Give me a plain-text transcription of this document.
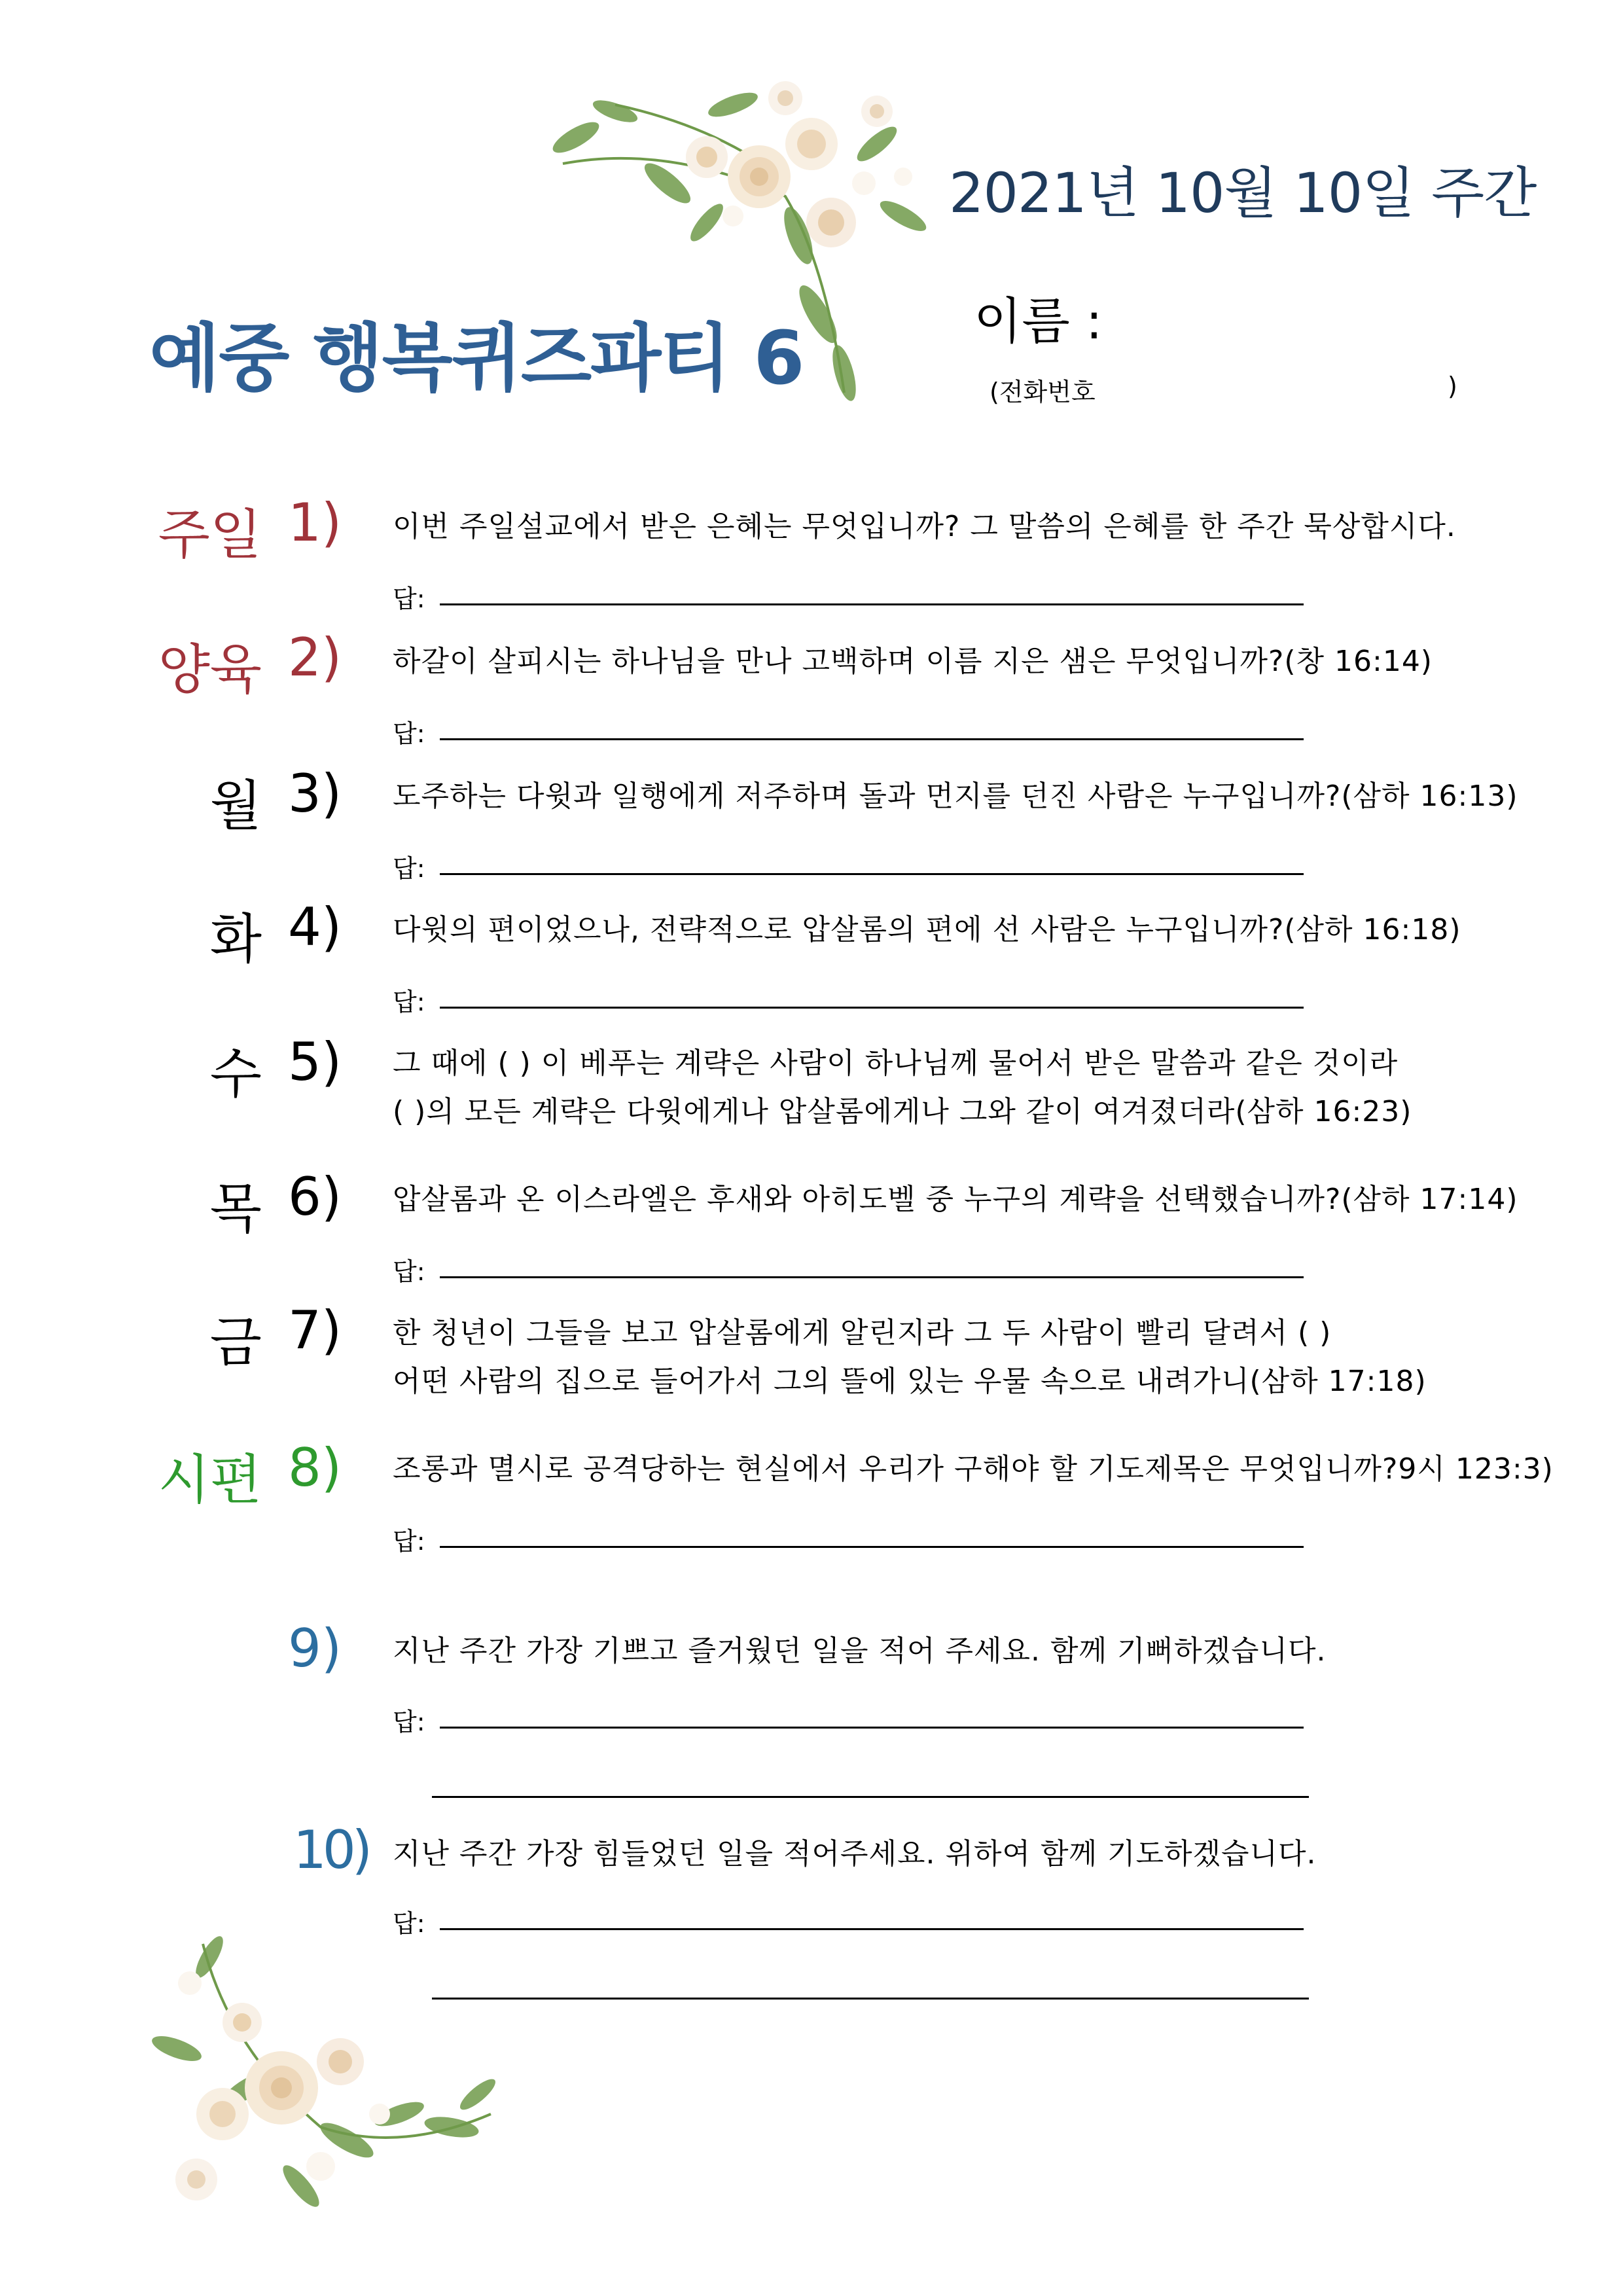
2021년 10월 10일 주간
예중 행복퀴즈파티 6	이름 :
(전화번호	)
주일 1) 이번 주일설교에서 받은 은혜는 무엇입니까? 그 말씀의 은혜를 한 주간 묵상합시다.
답:
양육 2) 하갈이 살피시는 하나님을 만나 고백하며 이름 지은 샘은 무엇입니까?(창 16:14)
답:
월 3) 도주하는 다윗과 일행에게 저주하며 돌과 먼지를 던진 사람은 누구입니까?(삼하 16:13)
답:
화 4) 다윗의 편이었으나, 전략적으로 압살롬의 편에 선 사람은 누구입니까?(삼하 16:18)
답:
수 5) 그 때에 ( ) 이 베푸는 계략은 사람이 하나님께 물어서 받은 말씀과 같은 것이라
( )의 모든 계략은 다윗에게나 압살롬에게나 그와 같이 여겨졌더라(삼하 16:23)
목 6) 압살롬과 온 이스라엘은 후새와 아히도벨 중 누구의 계략을 선택했습니까?(삼하 17:14)
답:
금 7) 한 청년이 그들을 보고 압살롬에게 알린지라 그 두 사람이 빨리 달려서 ( )
어떤 사람의 집으로 들어가서 그의 뜰에 있는 우물 속으로 내려가니(삼하 17:18)
시편 8) 조롱과 멸시로 공격당하는 현실에서 우리가 구해야 할 기도제목은 무엇입니까?9시 123:3)
답:
9) 지난 주간 가장 기쁘고 즐거웠던 일을 적어 주세요. 함께 기뻐하겠습니다.
답:
10) 지난 주간 가장 힘들었던 일을 적어주세요. 위하여 함께 기도하겠습니다.
답:
